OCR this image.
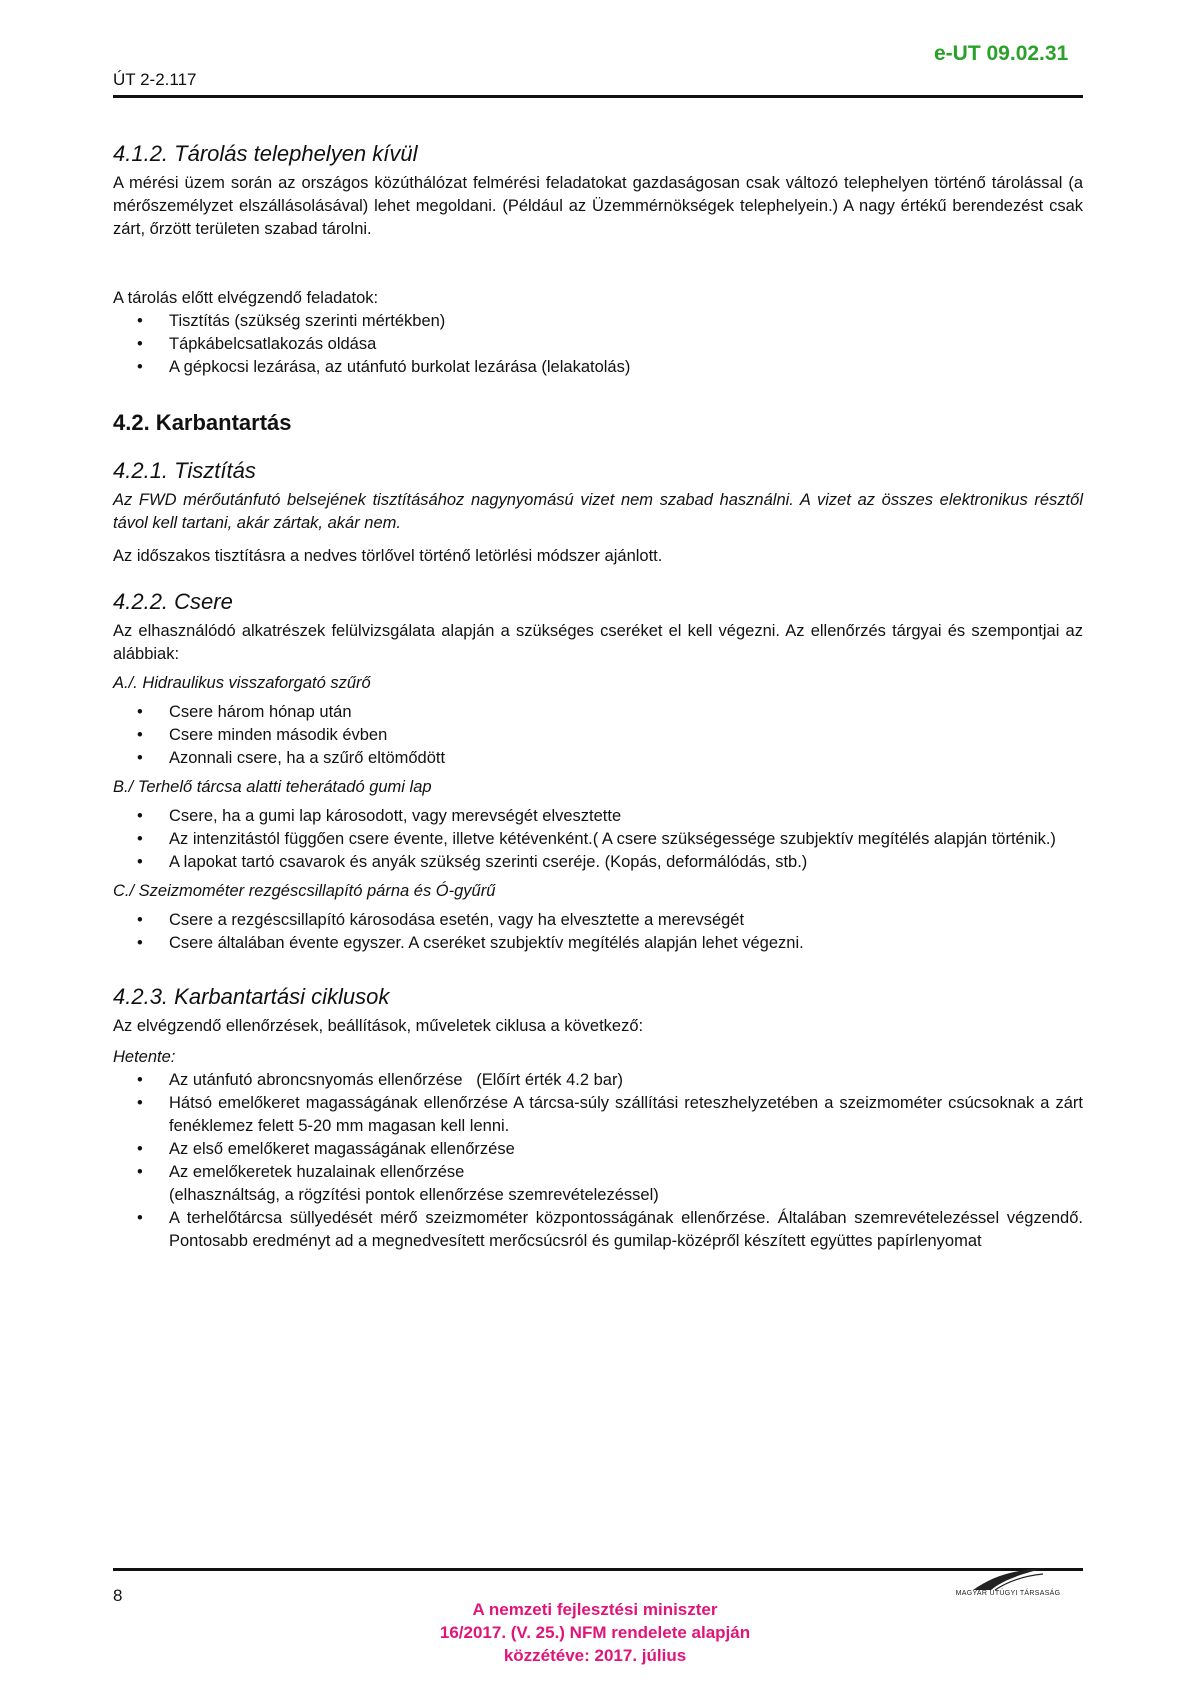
e-UT 09.02.31
ÚT 2-2.117
4.1.2. Tárolás telephelyen kívül

A mérési üzem során az országos közúthálózat felmérési feladatokat gazdaságosan csak változó telephelyen történő tárolással (a mérőszemélyzet elszállásolásával) lehet megoldani. (Például az Üzemmérnökségek telephelyein.) A nagy értékű berendezést csak zárt, őrzött területen szabad tárolni.

A tárolás előtt elvégzendő feladatok:

• Tisztítás (szükség szerinti mértékben)
• Tápkábelcsatlakozás oldása
• A gépkocsi lezárása, az utánfutó burkolat lezárása (lelakatolás)
4.2. Karbantartás
4.2.1. Tisztítás

Az FWD mérőutánfutó belsejének tisztításához nagynyomású vizet nem szabad használni. A vizet az összes elektronikus résztől távol kell tartani, akár zártak, akár nem.

Az időszakos tisztításra a nedves törlővel történő letörlési módszer ajánlott.

4.2.2. Csere

Az elhasználódó alkatrészek felülvizsgálata alapján a szükséges cseréket el kell végezni. Az ellenőrzés tárgyai és szempontjai az alábbiak:

A./. Hidraulikus visszaforgató szűrő
• Csere három hónap után
• Csere minden második évben
• Azonnali csere, ha a szűrő eltömődött
B./ Terhelő tárcsa alatti teherátadó gumi lap
• Csere, ha a gumi lap károsodott, vagy merevségét elvesztette
• Az intenzitástól függően csere évente, illetve kétévenként.( A csere szükségessége szubjektív megítélés alapján történik.)
• A lapokat tartó csavarok és anyák szükség szerinti cseréje. (Kopás, deformálódás, stb.)
C./ Szeizmométer rezgéscsillapító párna és Ó-gyűrű
• Csere a rezgéscsillapító károsodása esetén, vagy ha elvesztette a merevségét
• Csere általában évente egyszer. A cseréket szubjektív megítélés alapján lehet végezni.
4.2.3. Karbantartási ciklusok

Az elvégzendő ellenőrzések, beállítások, műveletek ciklusa a következő:

Hetente:
• Az utánfutó abroncsnyomás ellenőrzése   (Előírt érték 4.2 bar)
• Hátsó emelőkeret magasságának ellenőrzése A tárcsa-súly szállítási reteszhelyzetében a szeizmométer csúcsoknak a zárt fenéklemez felett 5-20 mm magasan kell lenni.
• Az első emelőkeret magasságának ellenőrzése
• Az emelőkeretek huzalainak ellenőrzése
(elhasználtság, a rögzítési pontok ellenőrzése szemrevételezéssel)
• A terhelőtárcsa süllyedését mérő szeizmométer központosságának ellenőrzése. Általában szemrevételezéssel végzendő. Pontosabb eredményt ad a megnedvesített merőcsúcsról és gumilap-középről készített együttes papírlenyomat
8	MAGYAR ÚTÜGYI TÁRSASÁG
A nemzeti fejlesztési miniszter
16/2017. (V. 25.) NFM rendelete alapján
közzétéve: 2017. július
